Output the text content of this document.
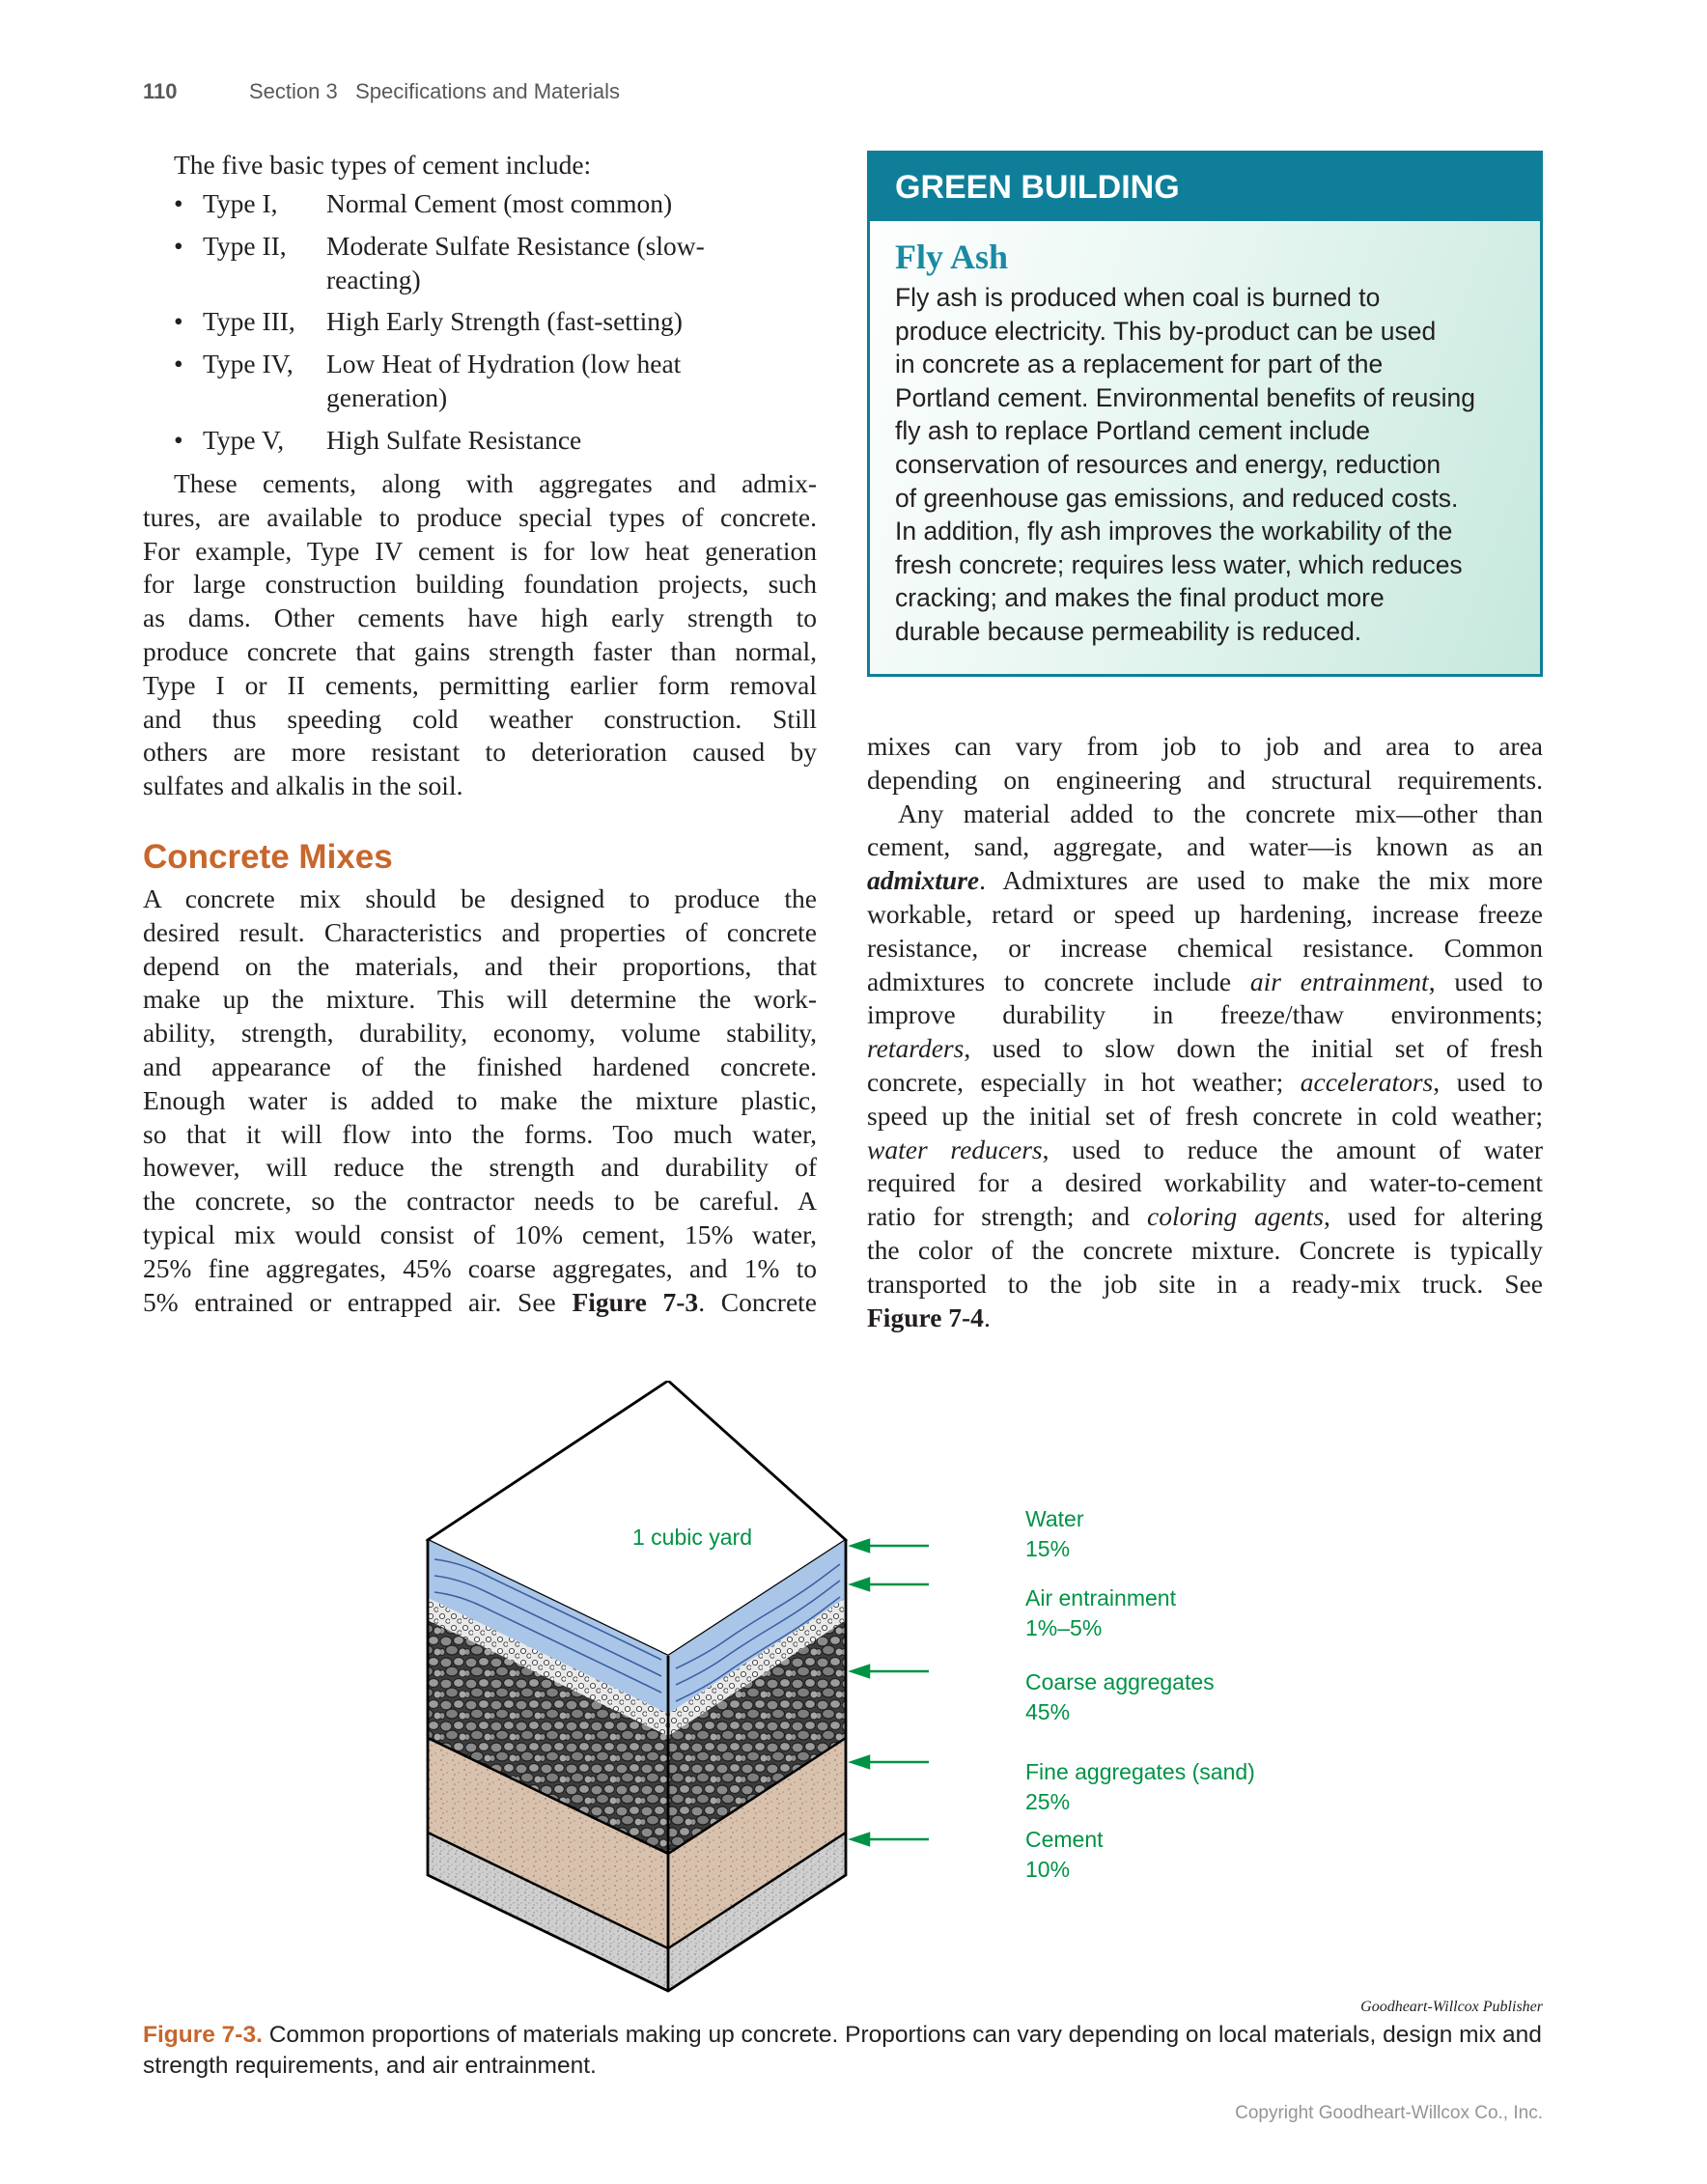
110	Section 3   Specifications and Materials
The five basic types of cement include:
• Type I,	Normal Cement (most common)
• Type II,	Moderate Sulfate Resistance (slow-reacting)
• Type III,	High Early Strength (fast-setting)
• Type IV,	Low Heat of Hydration (low heat generation)
• Type V,	High Sulfate Resistance

These cements, along with aggregates and admix-

tures, are available to produce special types of concrete.

For example, Type IV cement is for low heat generation

for large construction building foundation projects, such

as dams. Other cements have high early strength to

produce concrete that gains strength faster than normal,

Type I or II cements, permitting earlier form removal

and thus speeding cold weather construction. Still

others are more resistant to deterioration caused by

sulfates and alkalis in the soil.

Concrete Mixes

A concrete mix should be designed to produce the

desired result. Characteristics and properties of concrete

depend on the materials, and their proportions, that

make up the mixture. This will determine the work-

ability, strength, durability, economy, volume stability,

and appearance of the finished hardened concrete.

Enough water is added to make the mixture plastic,

so that it will flow into the forms. Too much water,

however, will reduce the strength and durability of

the concrete, so the contractor needs to be careful. A

typical mix would consist of 10% cement, 15% water,

25% fine aggregates, 45% coarse aggregates, and 1% to

5% entrained or entrapped air. See Figure 7-3. Concrete

GREEN BUILDING
Fly Ash
Fly ash is produced when coal is burned to
produce electricity. This by-product can be used
in concrete as a replacement for part of the
Portland cement. Environmental benefits of reusing
fly ash to replace Portland cement include
conservation of resources and energy, reduction
of greenhouse gas emissions, and reduced costs.
In addition, fly ash improves the workability of the
fresh concrete; requires less water, which reduces
cracking; and makes the final product more
durable because permeability is reduced.

mixes can vary from job to job and area to area

depending on engineering and structural requirements.

Any material added to the concrete mix—other than

cement, sand, aggregate, and water—is known as an

admixture. Admixtures are used to make the mix more

workable, retard or speed up hardening, increase freeze

resistance, or increase chemical resistance. Common

admixtures to concrete include air entrainment, used to

improve durability in freeze/thaw environments;

retarders, used to slow down the initial set of fresh

concrete, especially in hot weather; accelerators, used to

speed up the initial set of fresh concrete in cold weather;

water reducers, used to reduce the amount of water

required for a desired workability and water-to-cement

ratio for strength; and coloring agents, used for altering

the color of the concrete mixture. Concrete is typically

transported to the job site in a ready-mix truck. See

Figure 7-4.

1 cubic yard
Water
15%
Air entrainment
1%–5%
Coarse aggregates
45%
Fine aggregates (sand)
25%
Cement
10%
Goodheart-Willcox Publisher
Figure 7-3. Common proportions of materials making up concrete. Proportions can vary depending on local materials, design mix and strength requirements, and air entrainment.
Copyright Goodheart-Willcox Co., Inc.
